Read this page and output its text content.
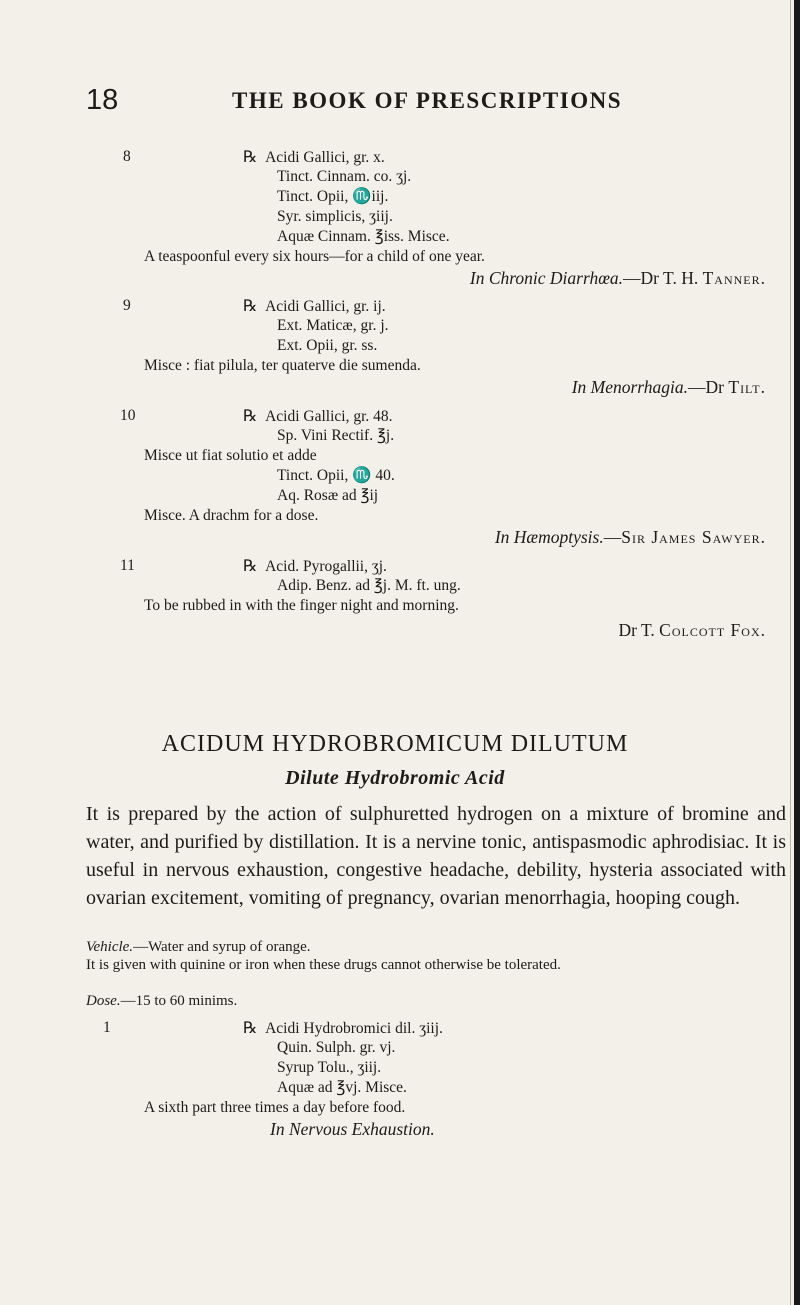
18	THE BOOK OF PRESCRIPTIONS
8	℞ Acidi Gallici, gr. x.
Tinct. Cinnam. co. ʒj.
Tinct. Opii, ♏iij.
Syr. simplicis, ʒiij.
Aquæ Cinnam. ℥iss. Misce.
A teaspoonful every six hours—for a child of one year.
In Chronic Diarrhœa.—Dr T. H. Tanner.
9	℞ Acidi Gallici, gr. ij.
Ext. Maticæ, gr. j.
Ext. Opii, gr. ss.
Misce : fiat pilula, ter quaterve die sumenda.
In Menorrhagia.—Dr Tilt.
10	℞ Acidi Gallici, gr. 48.
Sp. Vini Rectif. ℥j.
Misce ut fiat solutio et adde
Tinct. Opii, ♏ 40.
Aq. Rosæ ad ℥ij
Misce. A drachm for a dose.
In Hæmoptysis.—Sir James Sawyer.
11	℞ Acid. Pyrogallii, ʒj.
Adip. Benz. ad ℥j. M. ft. ung.
To be rubbed in with the finger night and morning.
Dr T. Colcott Fox.
ACIDUM HYDROBROMICUM DILUTUM
Dilute Hydrobromic Acid

It is prepared by the action of sulphuretted hydrogen on a mixture of bromine and water, and purified by distillation. It is a nervine tonic, antispasmodic aphrodisiac. It is useful in nervous exhaustion, congestive headache, debility, hysteria associated with ovarian excitement, vomiting of pregnancy, ovarian menorrhagia, hooping cough.

Vehicle.—Water and syrup of orange.
It is given with quinine or iron when these drugs cannot otherwise be tolerated.
Dose.—15 to 60 minims.
1	℞ Acidi Hydrobromici dil. ʒiij.
Quin. Sulph. gr. vj.
Syrup Tolu., ʒiij.
Aquæ ad ℥vj. Misce.
A sixth part three times a day before food.
In Nervous Exhaustion.
